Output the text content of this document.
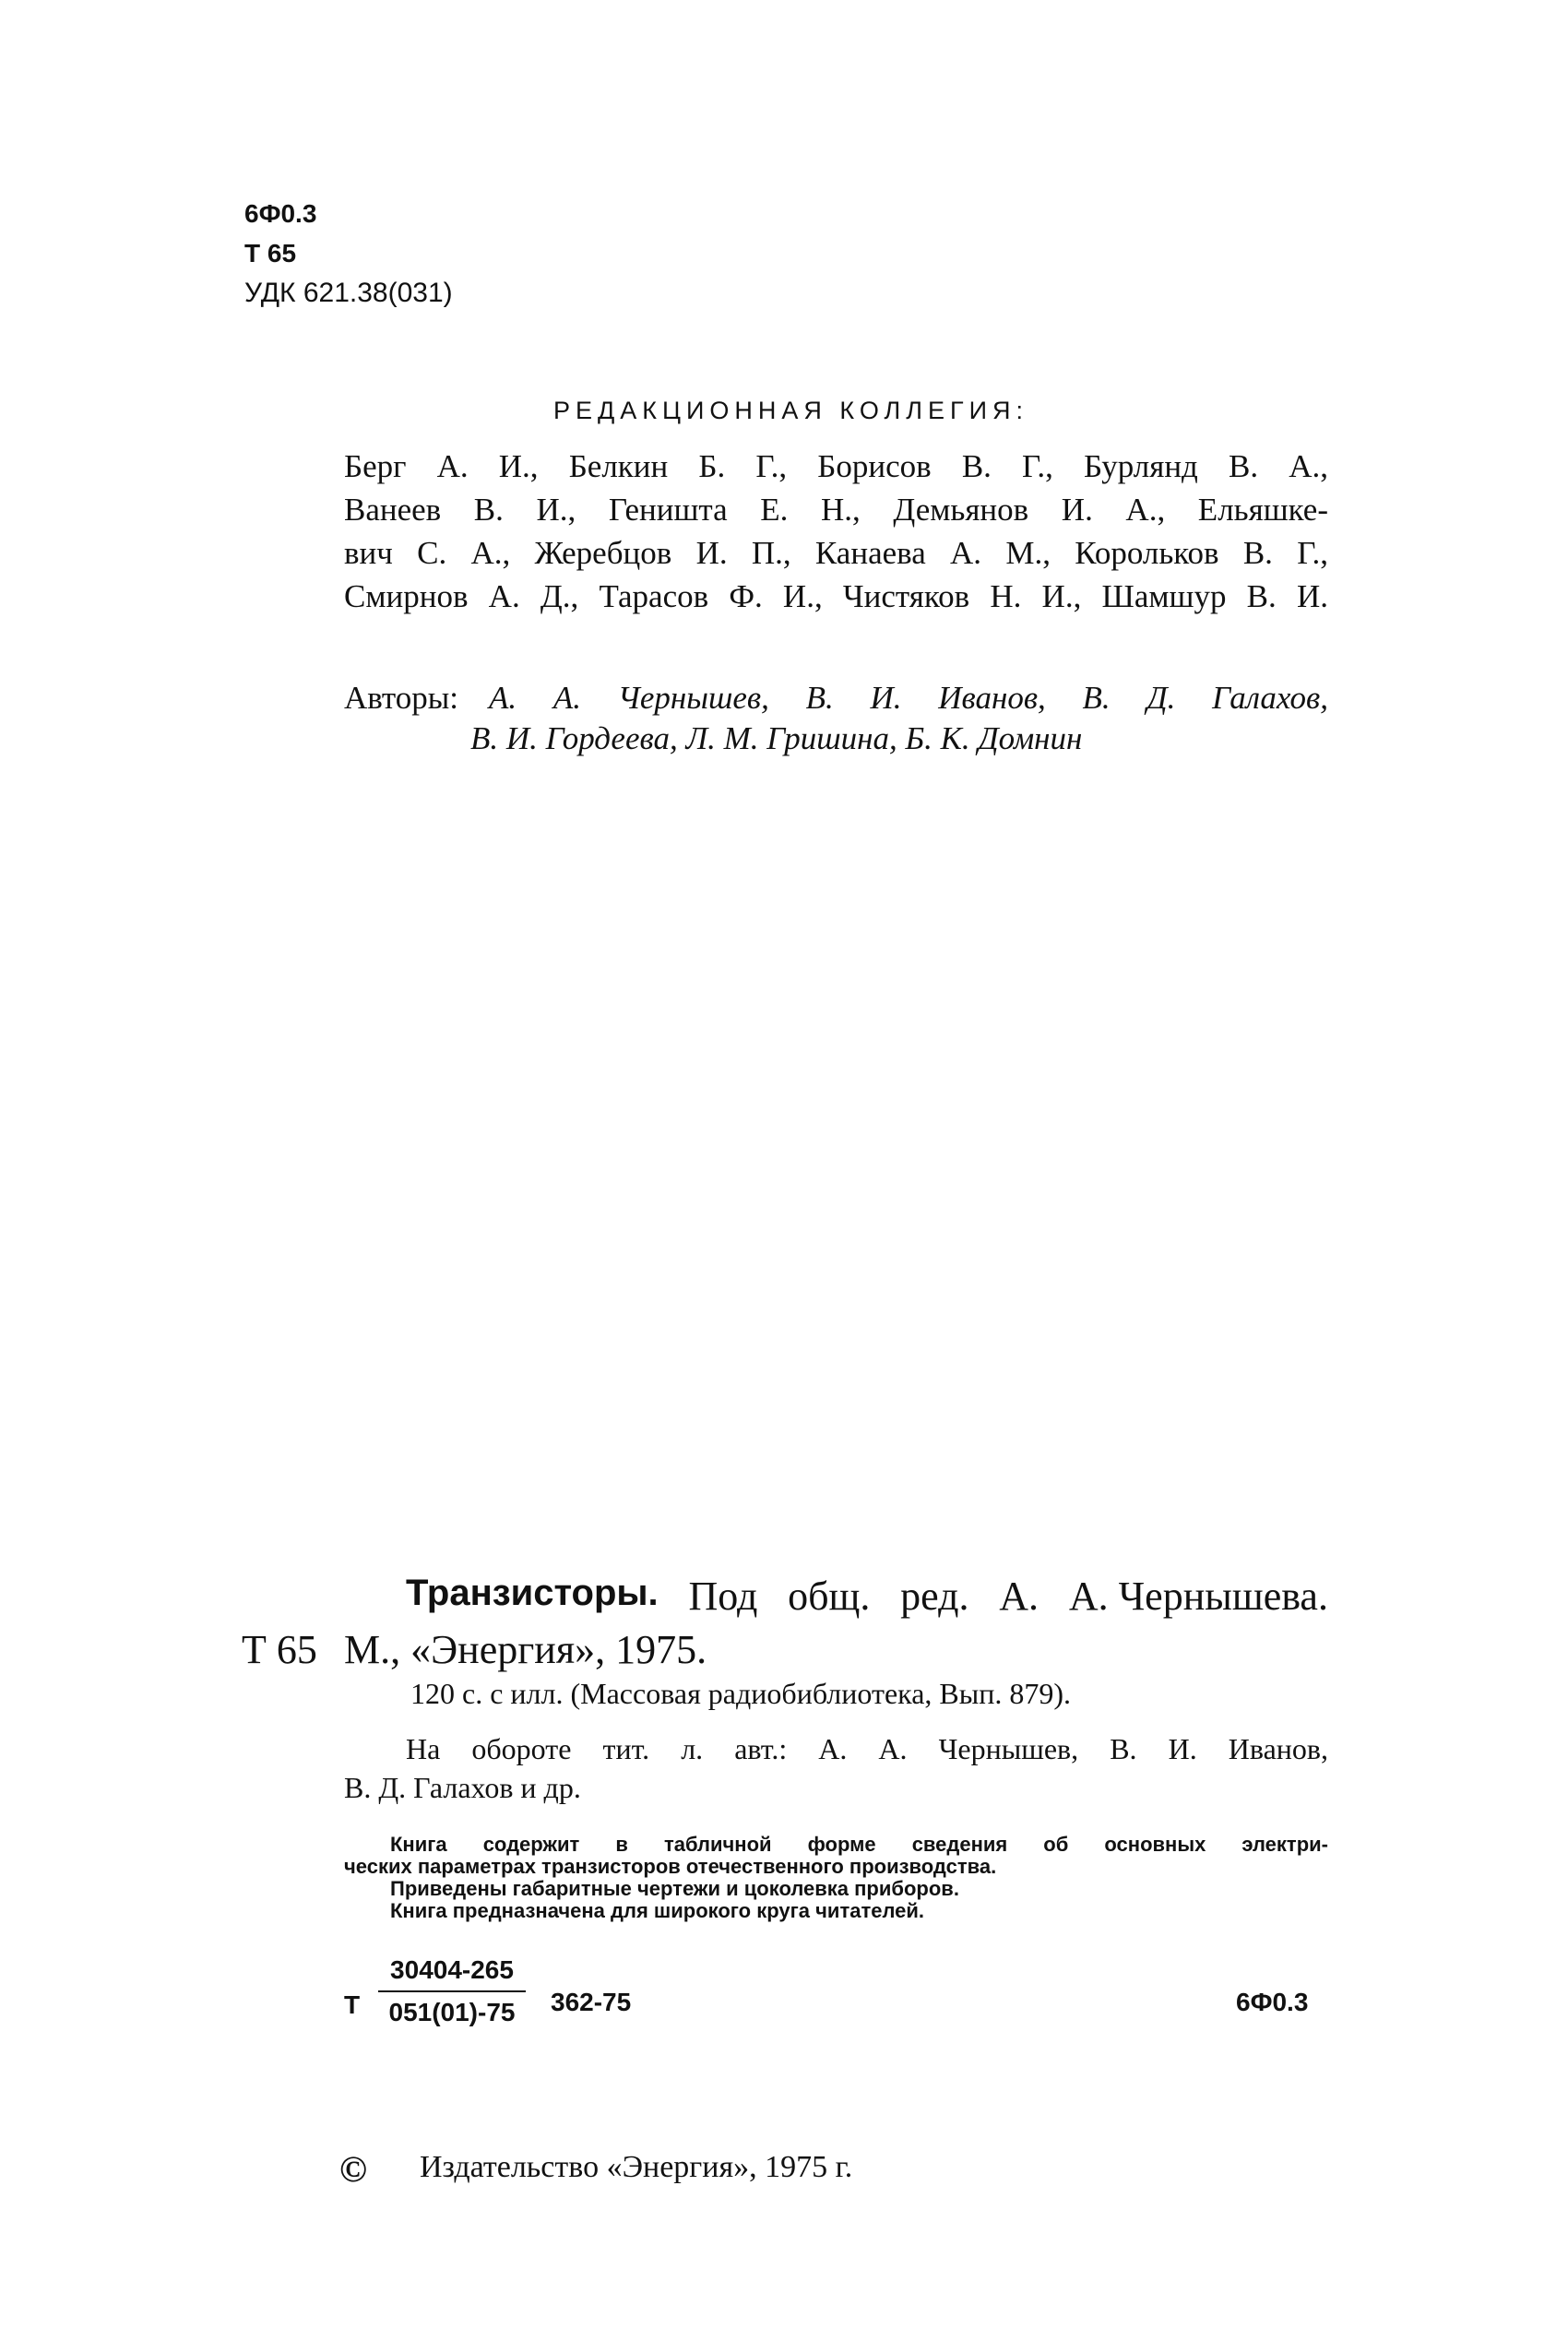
6Ф0.3
Т 65
УДК 621.38(031)
РЕДАКЦИОННАЯ КОЛЛЕГИЯ:
Берг А. И., Белкин Б. Г., Борисов В. Г., Бурлянд В. А.,
Ванеев В. И., Геништа Е. Н., Демьянов И. А., Ельяшке-
вич С. А., Жеребцов И. П., Канаева А. М., Корольков В. Г.,
Смирнов А. Д., Тарасов Ф. И., Чистяков Н. И., Шамшур В. И.
Авторы: А. А. Чернышев, В. И. Иванов, В. Д. Галахов,
В. И. Гордеева, Л. М. Гришина, Б. К. Домнин
Транзисторы. Под общ. ред. А. А. Чернышева.
Т 65 М., «Энергия», 1975.
120 с. с илл. (Массовая радиобиблиотека, Вып. 879).
На обороте тит. л. авт.: А. А. Чернышев, В. И. Иванов,
В. Д. Галахов и др.
Книга содержит в табличной форме сведения об основных электри-
ческих параметрах транзисторов отечественного производства.
Приведены габаритные чертежи и цоколевка приборов.
Книга предназначена для широкого круга читателей.
Т
30404-265
051(01)-75	362-75	6Ф0.3
© Издательство «Энергия», 1975 г.
